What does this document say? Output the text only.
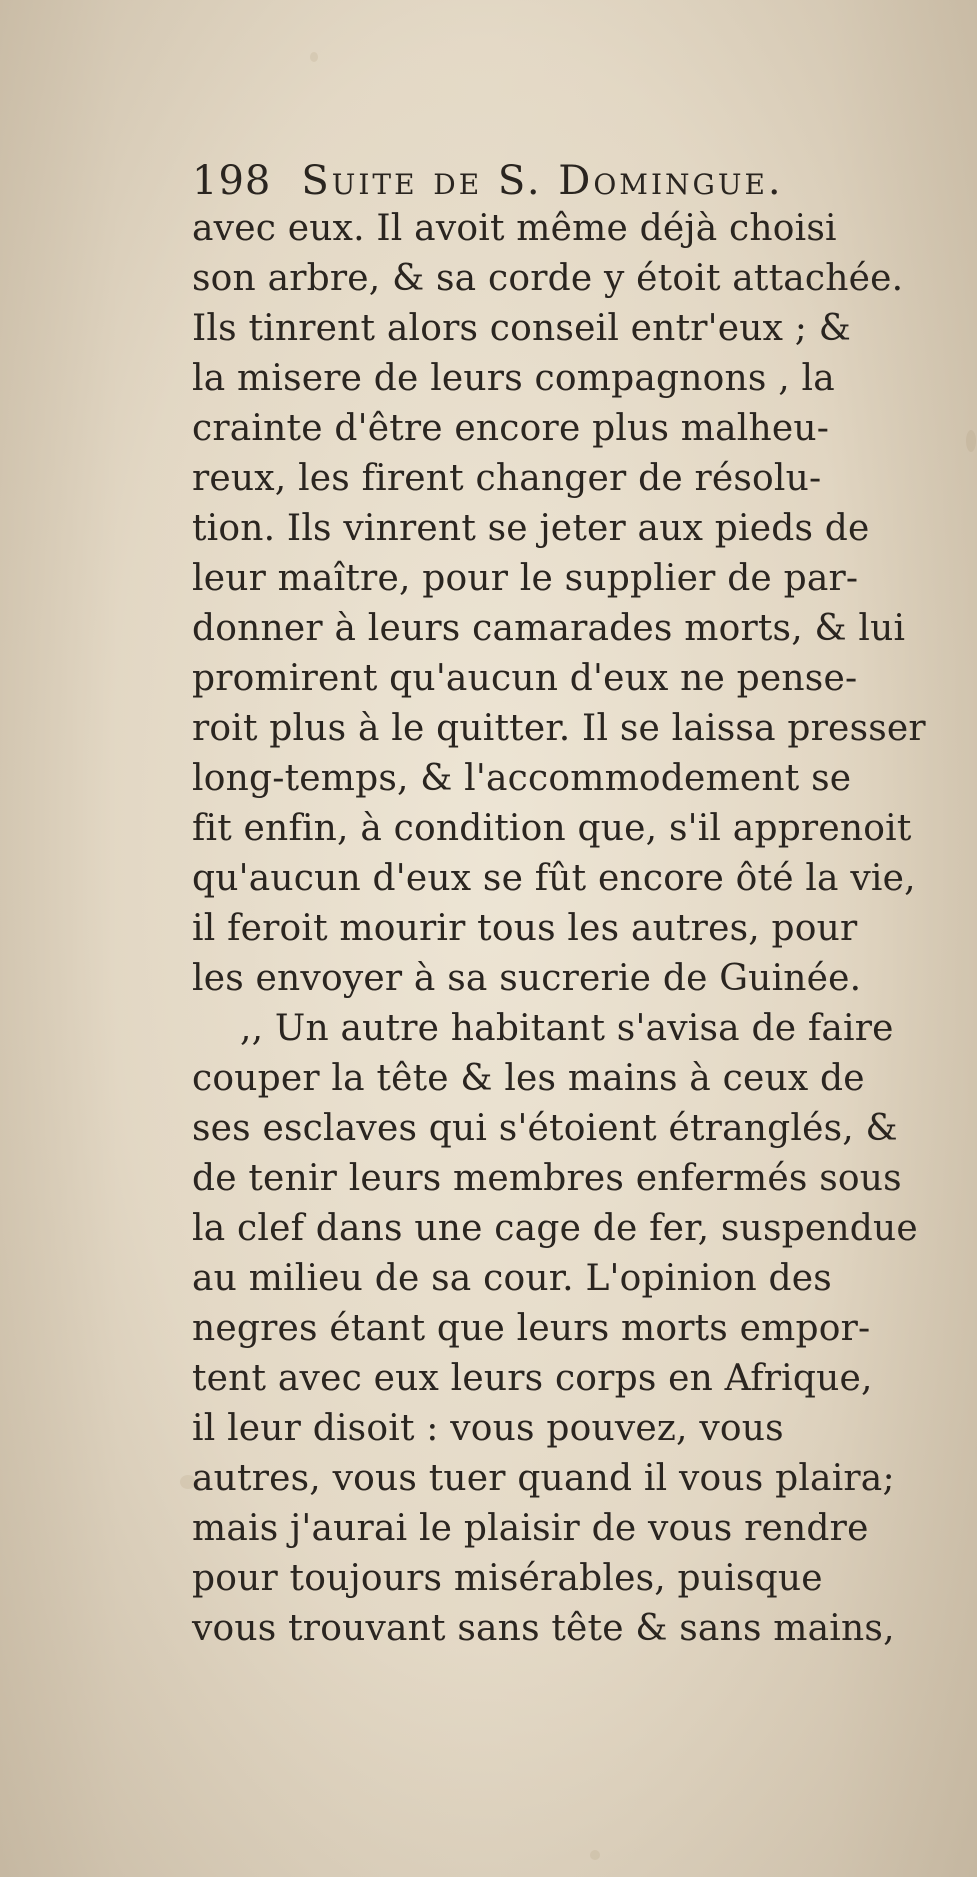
198 Suite de S. Domingue.
avec eux. Il avoit même déjà choisi
son arbre, & sa corde y étoit attachée.
Ils tinrent alors conseil entr'eux ; &
la misere de leurs compagnons , la
crainte d'être encore plus malheu-
reux, les firent changer de résolu-
tion. Ils vinrent se jeter aux pieds de
leur maître, pour le supplier de par-
donner à leurs camarades morts, & lui
promirent qu'aucun d'eux ne pense-
roit plus à le quitter. Il se laissa presser
long-temps, & l'accommodement se
fit enfin, à condition que, s'il apprenoit
qu'aucun d'eux se fût encore ôté la vie,
il feroit mourir tous les autres, pour
les envoyer à sa sucrerie de Guinée.
,, Un autre habitant s'avisa de faire
couper la tête & les mains à ceux de
ses esclaves qui s'étoient étranglés, &
de tenir leurs membres enfermés sous
la clef dans une cage de fer, suspendue
au milieu de sa cour. L'opinion des
negres étant que leurs morts empor-
tent avec eux leurs corps en Afrique,
il leur disoit : vous pouvez, vous
autres, vous tuer quand il vous plaira;
mais j'aurai le plaisir de vous rendre
pour toujours misérables, puisque
vous trouvant sans tête & sans mains,
